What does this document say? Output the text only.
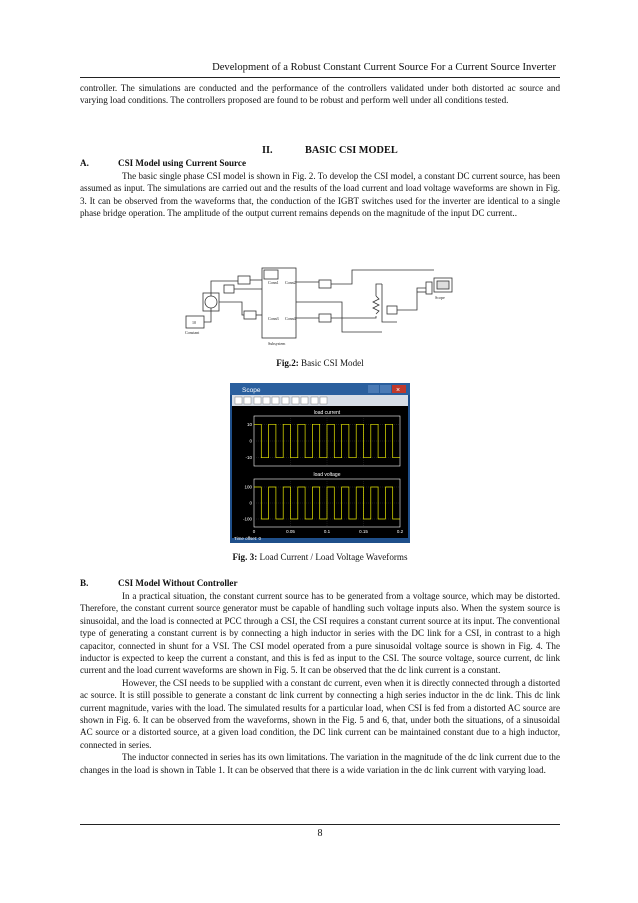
Development of a Robust Constant Current Source For a Current Source Inverter

controller. The simulations are conducted and the performance of the controllers validated under both distorted ac source and varying load conditions. The controllers proposed are found to be robust and perform well under all conditions tested.

II.	BASIC CSI MODEL
A.	CSI Model using Current Source

The basic single phase CSI model is shown in Fig. 2. To develop the CSI model, a constant DC current source, has been assumed as input. The simulations are carried out and the results of the load current and load voltage waveforms are shown in Fig. 3. It can be observed from the waveforms that, the conduction of the IGBT switches used for the inverter are identical to a single phase bridge operation. The amplitude of the output current remains depends on the magnitude of the input DC current..

Conn1 Conn2
Conn3 Conn4
Subsystem
10
Constant
Scope
Fig.2: Basic CSI Model
Scope	×
load current
10
0
-10
load voltage
100
0
-100
0	0.05	0.1	0.15	0.2
Time offset: 0
Fig. 3: Load Current / Load Voltage Waveforms
B.	CSI Model Without Controller

In a practical situation, the constant current source has to be generated from a voltage source, which may be distorted. Therefore, the constant current source generator must be capable of handling such voltage inputs also. When the system source is sinusoidal, and the load is connected at PCC through a CSI, the CSI requires a constant current source at its input. The conventional type of generating a constant current is by connecting a high inductor in series with the DC link for a CSI, in contrast to a high capacitor, connected in shunt for a VSI. The CSI model operated from a pure sinusoidal voltage source is shown in Fig. 4. The inductor is expected to keep the current a constant, and this is fed as input to the CSI. The source voltage, source current, dc link current and the load current waveforms are shown in Fig. 5. It can be observed that the dc link current is a constant.

However, the CSI needs to be supplied with a constant dc current, even when it is directly connected through a distorted ac source. It is still possible to generate a constant dc link current by connecting a high series inductor in the dc link. This dc link current magnitude, varies with the load. The simulated results for a particular load, when CSI is fed from a distorted AC source are shown in Fig. 6. It can be observed from the waveforms, shown in the Fig. 5 and 6, that, under both the situations, of a sinusoidal AC source or a distorted source, at a given load condition, the DC link current can be maintained constant due to a high inductor, connected in series.

The inductor connected in series has its own limitations. The variation in the magnitude of the dc link current due to the changes in the load is shown in Table 1. It can be observed that there is a wide variation in the dc link current with varying load.

8
